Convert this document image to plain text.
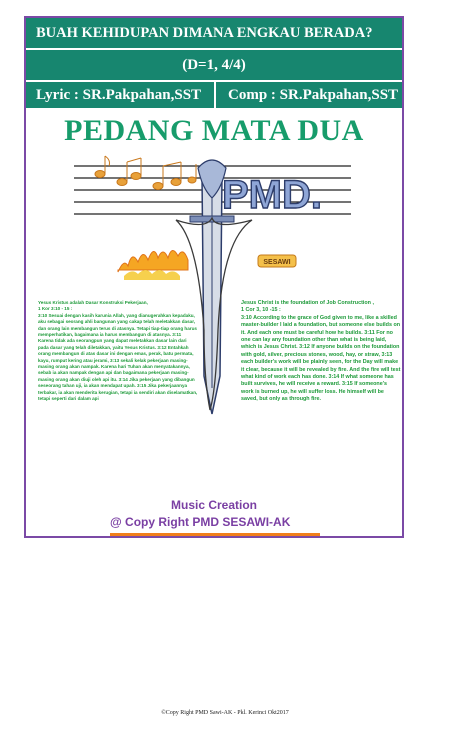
BUAH KEHIDUPAN DIMANA ENGKAU BERADA?
(D=1, 4/4)
Lyric : SR.Pakpahan,SST Comp : SR.Pakpahan,SST
PEDANG MATA DUA
PMD.
SESAWI
Yesus Kristus adalah Dasar Konstruksi Pekerjaan,
1 Kor 3:10 - 15 :
3:10 Sesuai dengan kasih karunia Allah, yang dianugerahkan kepadaku, aku sebagai seorang ahli bangunan yang cakap telah meletakkan dasar, dan orang lain membangun terus di atasnya. Tetapi tiap-tiap orang harus memperhatikan, bagaimana ia harus membangun di atasnya. 3:11 Karena tidak ada seorangpun yang dapat meletakkan dasar lain dari pada dasar yang telah diletakkan, yaitu Yesus Kristus. 3:12 Entahkah orang membangun di atas dasar ini dengan emas, perak, batu permata, kayu, rumput kering atau jerami, 3:13 sekali kelak pekerjaan masing-masing orang akan nampak. Karena hari Tuhan akan menyatakannya, sebab ia akan nampak dengan api dan bagaimana pekerjaan masing-masing orang akan diuji oleh api itu. 3:14 Jika pekerjaan yang dibangun seseorang tahan uji, ia akan mendapat upah. 3:15 Jika pekerjaannya terbakar, ia akan menderita kerugian, tetapi ia sendiri akan diselamatkan, tetapi seperti dari dalam api
Jesus Christ is the foundation of Job Construction ,
1 Cor 3, 10 -15 :
3:10 According to the grace of God given to me, like a skilled master-builder I laid a foundation, but someone else builds on it. And each one must be careful how he builds. 3:11 For no one can lay any foundation other than what is being laid, which is Jesus Christ. 3:12 If anyone builds on the foundation with gold, silver, precious stones, wood, hay, or straw, 3:13 each builder's work will be plainly seen, for the Day will make it clear, because it will be revealed by fire. And the fire will test what kind of work each has done. 3:14 If what someone has built survives, he will receive a reward. 3:15 If someone's work is burned up, he will suffer loss. He himself will be saved, but only as through fire.
Music Creation
@ Copy Right PMD SESAWI-AK
©Copy Right PMD Sawi-AK - Pkl. Kerinci Okt2017
